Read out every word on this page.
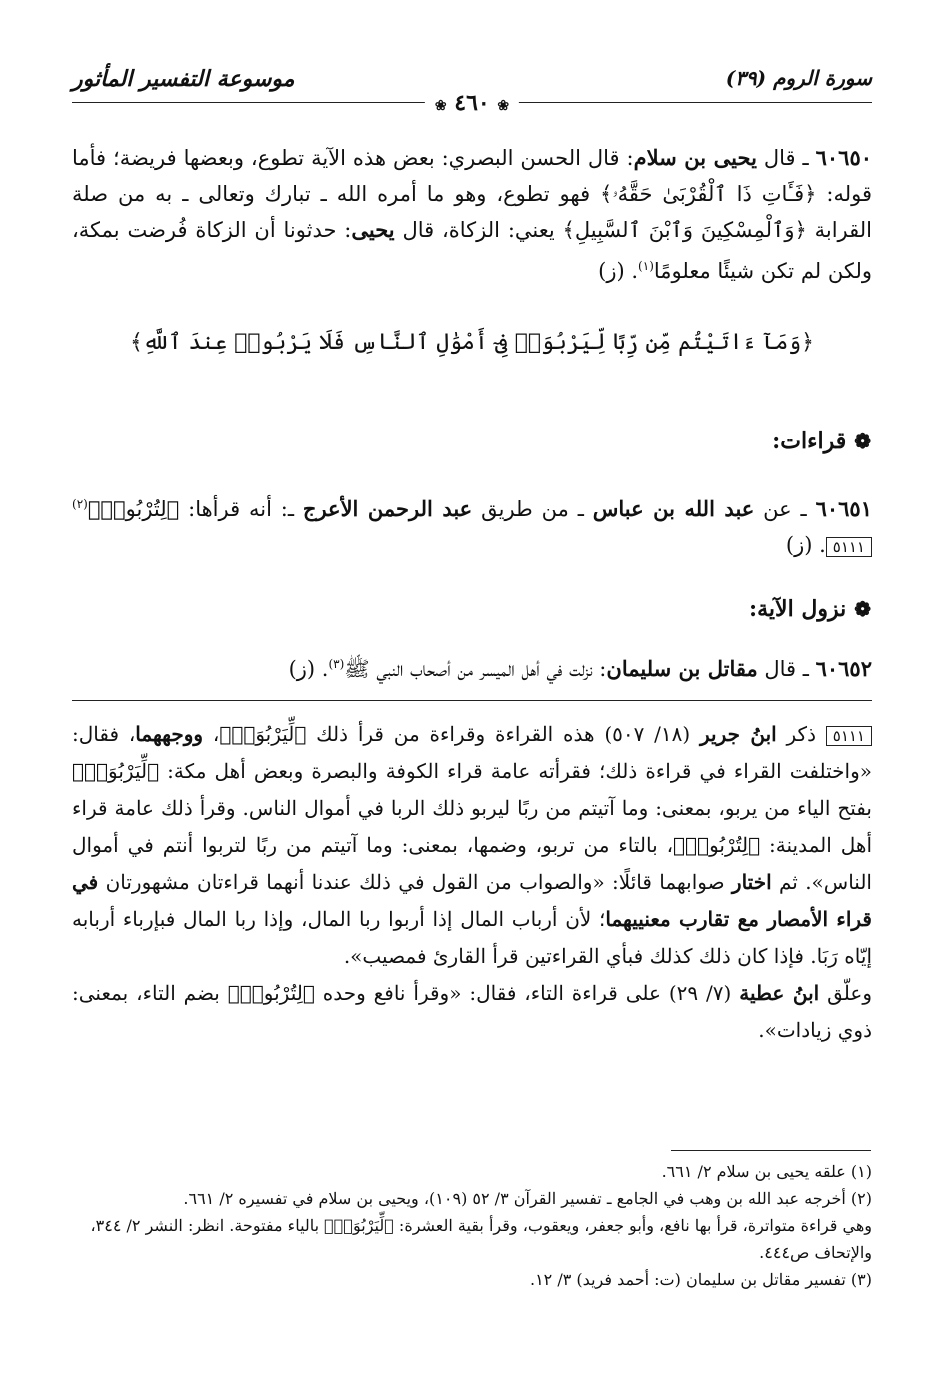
سورة الروم (٣٩)
موسوعة التفسير المأثور
❀ ٤٦٠ ❀
٦٠٦٥٠ ـ قال يحيى بن سلام: قال الحسن البصري: بعض هذه الآية تطوع، وبعضها فريضة؛ فأما قوله: ﴿فَـَٔاتِ ذَا ٱلْقُرْبَىٰ حَقَّهُۥ﴾ فهو تطوع، وهو ما أمره الله ـ تبارك وتعالى ـ به من صلة القرابة ﴿وَٱلْمِسْكِينَ وَٱبْنَ ٱلسَّبِيلِ﴾ يعني: الزكاة، قال يحيى: حدثونا أن الزكاة فُرضت بمكة، ولكن لم تكن شيئًا معلومًا$^{(١)}$. (ز)
﴿وَمَآ ءَاتَيْتُم مِّن رِّبًا لِّيَرْبُوَا۟ فِىٓ أَمْوَٰلِ ٱلنَّاسِ فَلَا يَرْبُوا۟ عِندَ ٱللَّهِ﴾
❁قراءات:
٦٠٦٥١ ـ عن عبد الله بن عباس ـ من طريق عبد الرحمن الأعرج ـ: أنه قرأها: ﴿لِتُرْبُوا۟﴾$^{(٢)}$٥١١١. (ز)
❁نزول الآية:
٦٠٦٥٢ ـ قال مقاتل بن سليمان: نزلت في أهل الميسر من أصحاب النبي ﷺ$^{(٣)}$. (ز)
٥١١١ ذكر ابنُ جرير (١٨/ ٥٠٧) هذه القراءة وقراءة من قرأ ذلك ﴿لِّيَرْبُوَا۟﴾، ووجههما، فقال: «واختلفت القراء في قراءة ذلك؛ فقرأته عامة قراء الكوفة والبصرة وبعض أهل مكة: ﴿لِّيَرْبُوَا۟﴾ بفتح الياء من يربو، بمعنى: وما آتيتم من ربًا ليربو ذلك الربا في أموال الناس. وقرأ ذلك عامة قراء أهل المدينة: ﴿لِتُرْبُوا۟﴾، بالتاء من تربو، وضمها، بمعنى: وما آتيتم من ربًا لتربوا أنتم في أموال الناس». ثم اختار صوابهما قائلًا: «والصواب من القول في ذلك عندنا أنهما قراءتان مشهورتان في قراء الأمصار مع تقارب معنييهما؛ لأن أرباب المال إذا أربوا ربا المال، وإذا ربا المال فبإرباء أربابه إيّاه رَبَا. فإذا كان ذلك كذلك فبأي القراءتين قرأ القارئ فمصيب».
وعلّق ابنُ عطية (٧/ ٢٩) على قراءة التاء، فقال: «وقرأ نافع وحده ﴿لِتُرْبُوا۟﴾ بضم التاء، بمعنى: ذوي زيادات».

(١) علقه يحيى بن سلام ٢/ ٦٦١.

(٢) أخرجه عبد الله بن وهب في الجامع ـ تفسير القرآن ٣/ ٥٢ (١٠٩)، ويحيى بن سلام في تفسيره ٢/ ٦٦١.

وهي قراءة متواترة، قرأ بها نافع، وأبو جعفر، ويعقوب، وقرأ بقية العشرة: ﴿لِّيَرْبُوَا۟﴾ بالياء مفتوحة. انظر: النشر ٢/ ٣٤٤، والإتحاف ص٤٤٤.

(٣) تفسير مقاتل بن سليمان (ت: أحمد فريد) ٣/ ١٢.
